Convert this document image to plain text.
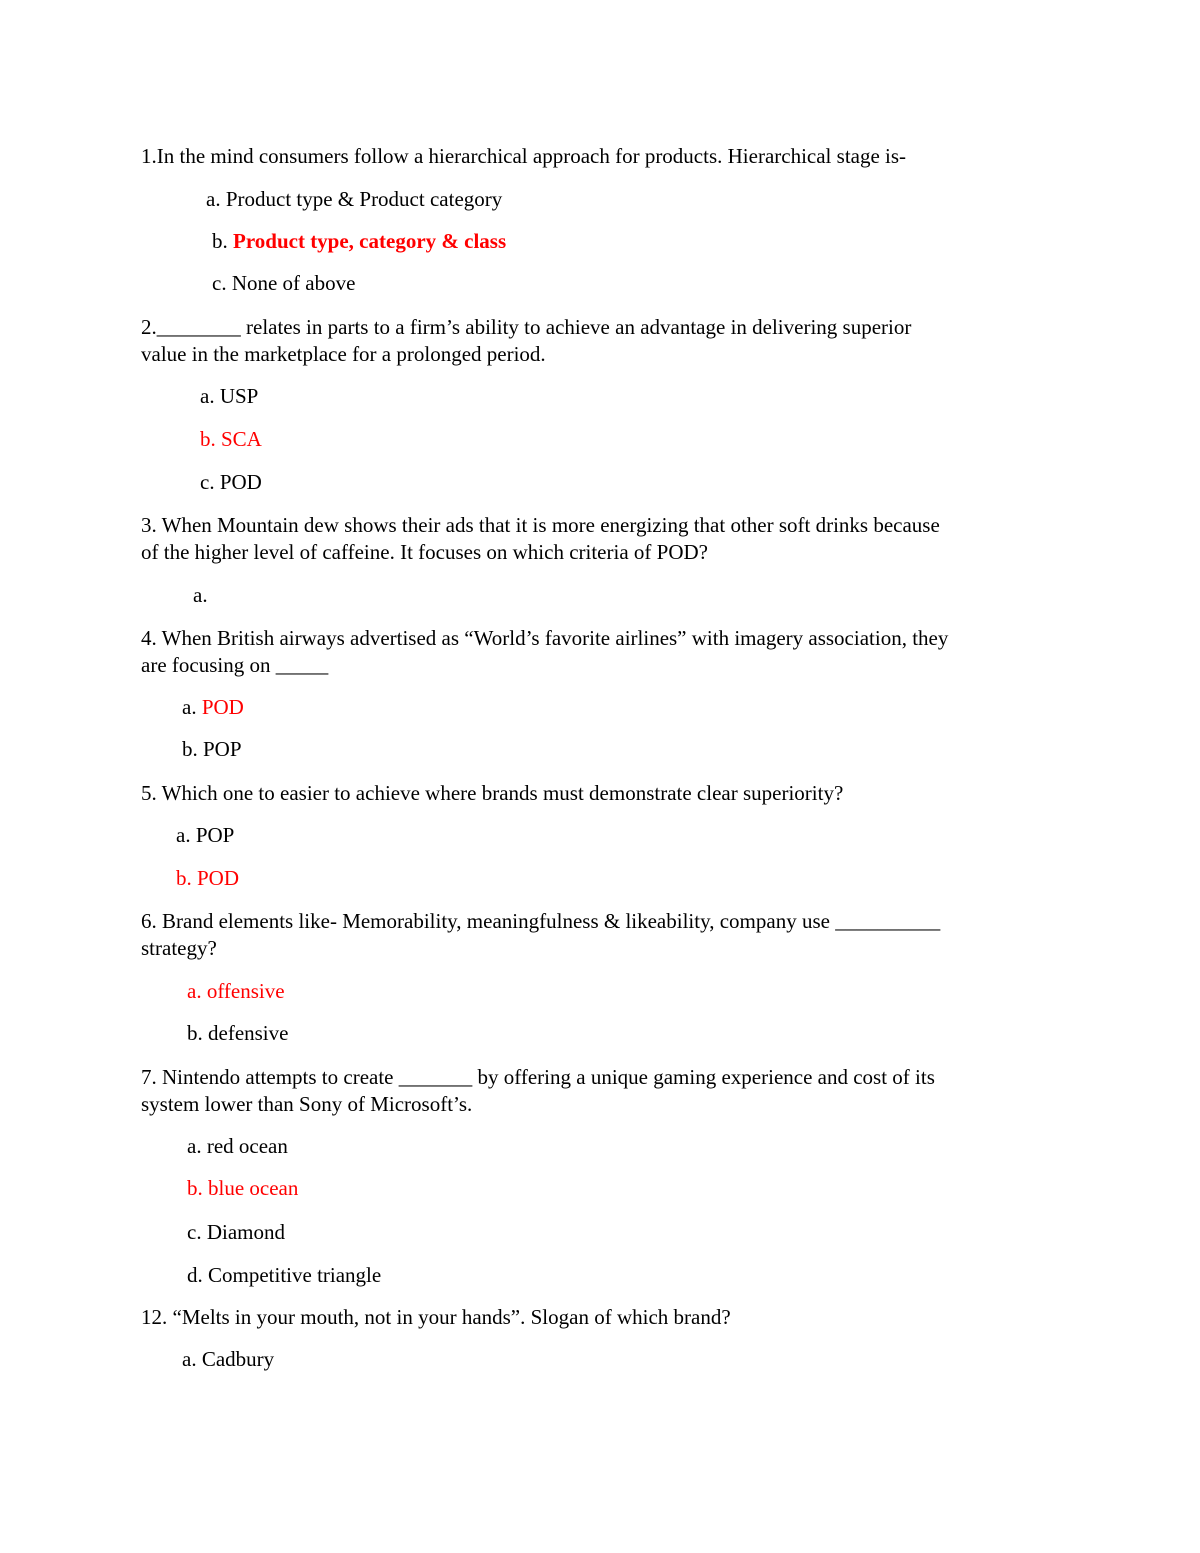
1.In the mind consumers follow a hierarchical approach for products. Hierarchical stage is-
a. Product type & Product category
b. Product type, category & class
c. None of above
2.________ relates in parts to a firm’s ability to achieve an advantage in delivering superior
value in the marketplace for a prolonged period.
a. USP
b. SCA
c. POD
3. When Mountain dew shows their ads that it is more energizing that other soft drinks because
of the higher level of caffeine. It focuses on which criteria of POD?
a.
4. When British airways advertised as “World’s favorite airlines” with imagery association, they
are focusing on _____
a. POD
b. POP
5. Which one to easier to achieve where brands must demonstrate clear superiority?
a. POP
b. POD
6. Brand elements like- Memorability, meaningfulness & likeability, company use __________
strategy?
a. offensive
b. defensive
7. Nintendo attempts to create _______ by offering a unique gaming experience and cost of its
system lower than Sony of Microsoft’s.
a. red ocean
b. blue ocean
c. Diamond
d. Competitive triangle
12. “Melts in your mouth, not in your hands”. Slogan of which brand?
a. Cadbury
